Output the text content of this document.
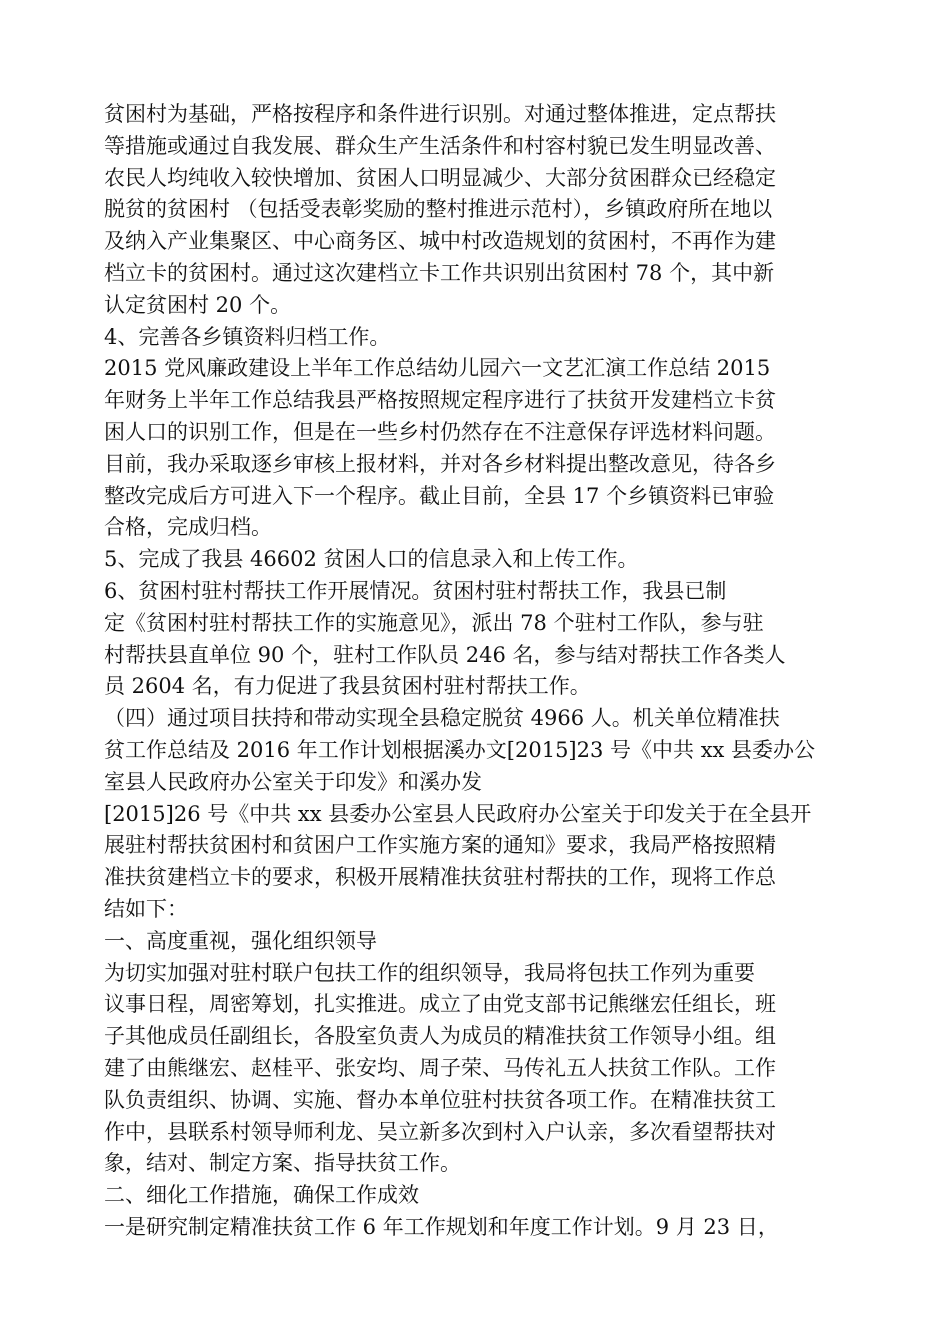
贫困村为基础，严格按程序和条件进行识别。对通过整体推进，定点帮扶
等措施或通过自我发展、群众生产生活条件和村容村貌已发生明显改善、
农民人均纯收入较快增加、贫困人口明显减少、大部分贫困群众已经稳定
脱贫的贫困村 （包括受表彰奖励的整村推进示范村），乡镇政府所在地以
及纳入产业集聚区、中心商务区、城中村改造规划的贫困村，不再作为建
档立卡的贫困村。通过这次建档立卡工作共识别出贫困村 78 个，其中新
认定贫困村 20 个。
4、完善各乡镇资料归档工作。
2015 党风廉政建设上半年工作总结幼儿园六一文艺汇演工作总结 2015
年财务上半年工作总结我县严格按照规定程序进行了扶贫开发建档立卡贫
困人口的识别工作，但是在一些乡村仍然存在不注意保存评选材料问题。
目前，我办采取逐乡审核上报材料，并对各乡材料提出整改意见，待各乡
整改完成后方可进入下一个程序。截止目前，全县 17 个乡镇资料已审验
合格，完成归档。
5、完成了我县 46602 贫困人口的信息录入和上传工作。
6、贫困村驻村帮扶工作开展情况。贫困村驻村帮扶工作，我县已制
定《贫困村驻村帮扶工作的实施意见》，派出 78 个驻村工作队，参与驻
村帮扶县直单位 90 个，驻村工作队员 246 名，参与结对帮扶工作各类人
员 2604 名，有力促进了我县贫困村驻村帮扶工作。
（四）通过项目扶持和带动实现全县稳定脱贫 4966 人。机关单位精准扶
贫工作总结及 2016 年工作计划根据溪办文[2015]23 号《中共 xx 县委办公
室县人民政府办公室关于印发》和溪办发
[2015]26 号《中共 xx 县委办公室县人民政府办公室关于印发关于在全县开
展驻村帮扶贫困村和贫困户工作实施方案的通知》要求，我局严格按照精
准扶贫建档立卡的要求，积极开展精准扶贫驻村帮扶的工作，现将工作总
结如下：
一、高度重视，强化组织领导
为切实加强对驻村联户包扶工作的组织领导，我局将包扶工作列为重要
议事日程，周密筹划，扎实推进。成立了由党支部书记熊继宏任组长，班
子其他成员任副组长，各股室负责人为成员的精准扶贫工作领导小组。组
建了由熊继宏、赵桂平、张安均、周子荣、马传礼五人扶贫工作队。工作
队负责组织、协调、实施、督办本单位驻村扶贫各项工作。在精准扶贫工
作中，县联系村领导师利龙、吴立新多次到村入户认亲，多次看望帮扶对
象，结对、制定方案、指导扶贫工作。
二、细化工作措施，确保工作成效
一是研究制定精准扶贫工作 6 年工作规划和年度工作计划。9 月 23 日，
